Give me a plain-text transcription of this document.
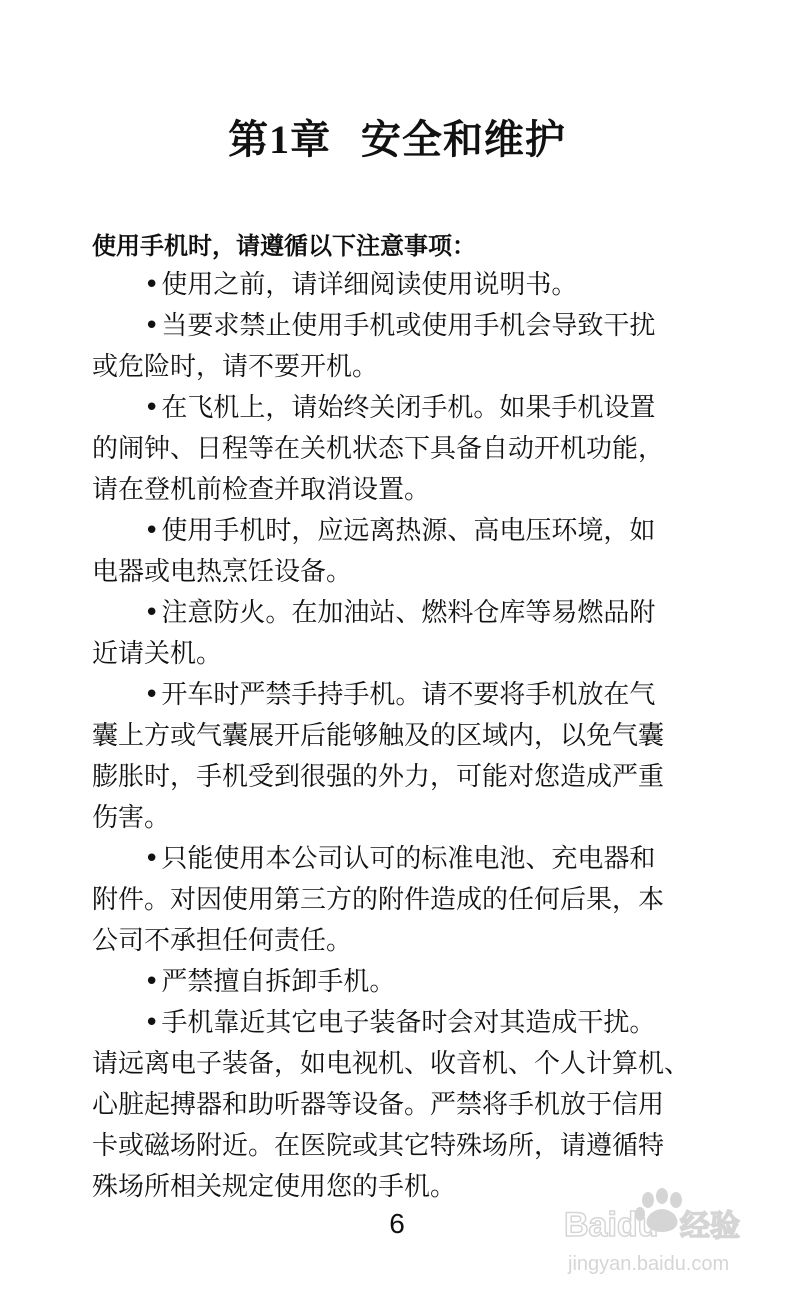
第1章  安全和维护

使用手机时，请遵循以下注意事项：

•使用之前，请详细阅读使用说明书。
•当要求禁止使用手机或使用手机会导致干扰
或危险时，请不要开机。
•在飞机上，请始终关闭手机。如果手机设置
的闹钟、日程等在关机状态下具备自动开机功能，
请在登机前检查并取消设置。
•使用手机时，应远离热源、高电压环境，如
电器或电热烹饪设备。
•注意防火。在加油站、燃料仓库等易燃品附
近请关机。
•开车时严禁手持手机。请不要将手机放在气
囊上方或气囊展开后能够触及的区域内，以免气囊
膨胀时，手机受到很强的外力，可能对您造成严重
伤害。
•只能使用本公司认可的标准电池、充电器和
附件。对因使用第三方的附件造成的任何后果，本
公司不承担任何责任。
•严禁擅自拆卸手机。
•手机靠近其它电子装备时会对其造成干扰。
请远离电子装备，如电视机、收音机、个人计算机、
心脏起搏器和助听器等设备。严禁将手机放于信用
卡或磁场附近。在医院或其它特殊场所，请遵循特
殊场所相关规定使用您的手机。
6	Baidu 经验
jingyan.baidu.com
